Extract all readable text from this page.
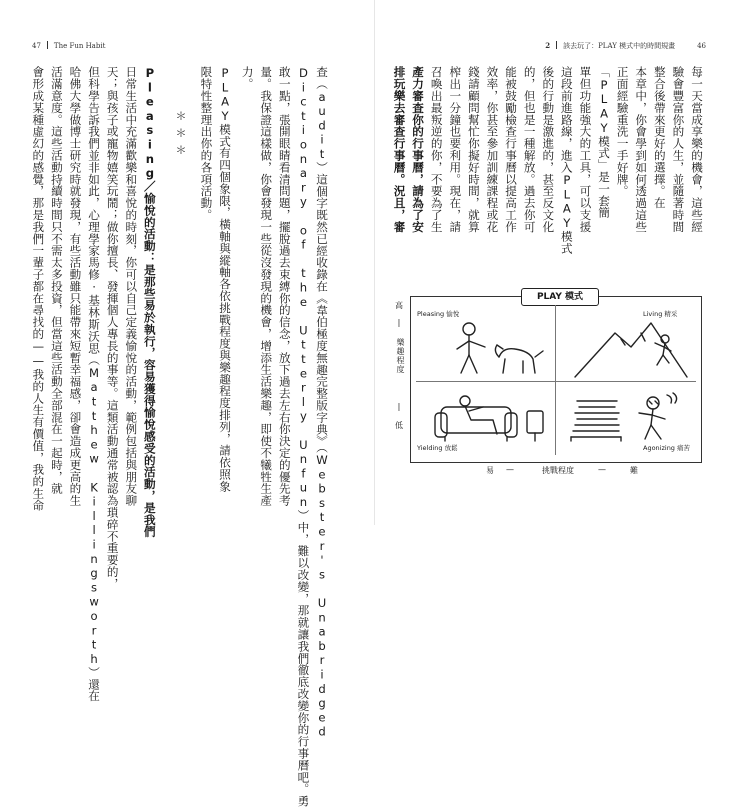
47 The Fun Habit
查（audit）這個字既然已經收錄在《韋伯極度無趣完整版字典》（Webster's Unabridged
Dictionary of the Utterly Unfun）中，難以改變，那就讓我們徹底改變你的行事曆吧。勇
敢一點，張開眼睛看清問題，擺脫過去束縛你的信念，放下過去左右你決定的優先考
量。我保證這樣做，你會發現一些從沒發現的機會，增添生活樂趣，即使不犧牲生產
力。
PLAY模式有四個象限，橫軸與縱軸各依挑戰程度與樂趣程度排列，請依照象
限特性整理出你的各項活動。
Pleasing／愉悅的活動：是那些易於執行，容易獲得愉悅感受的活動，是我們
日常生活中充滿歡樂和喜悅的時刻，你可以自己定義愉悅的活動，範例包括與朋友聊
天；與孩子或寵物嬉笑玩鬧；做你擅長、發揮個人專長的事等。這類活動通常被認為瑣碎不重要的，
但科學告訴我們並非如此，心理學家馬修·基林斯沃思（Matthew Killingsworth）還在
哈佛大學做博士研究時就發現，有些活動雖只能帶來短暫幸福感，卻會造成更高的生
活滿意度。這些活動持續時間只不需太多投資，但當這些活動全部混在一起時，就
會形成某種虛幻的感覺，那是我們一輩子都在尋找的——我的人生有價值，我的生命	＊＊＊
2 該去玩了：PLAY 模式中的時間規畫	46
每一天當成享樂的機會，這些經
驗會豐富你的人生，並隨著時間
整合後帶來更好的選擇。在
本章中，你會學到如何透過這些
正面經驗重洗一手好牌。
「PLAY模式」是一套簡
單但功能強大的工具，可以支援
這段前進路線，進入PLAY模式
後的行動是激進的，甚至反文化
的，但也是一種解放。過去你可
能被鼓勵檢查行事曆以提高工作
效率，你甚至參加訓練課程或花
錢請顧問幫忙你擬好時間，就算
榨出一分鐘也要利用。現在，請
召喚出最叛逆的你，不要為了生
產力審查你的行事曆，請為了安
排玩樂去審查行事曆。況且，審
高
|
樂趣程度
|
低
PLAY 模式
Pleasing 愉悅	Living 精采
Yielding 放鬆	Agonizing 痛苦
易 —	挑戰程度	—	難
